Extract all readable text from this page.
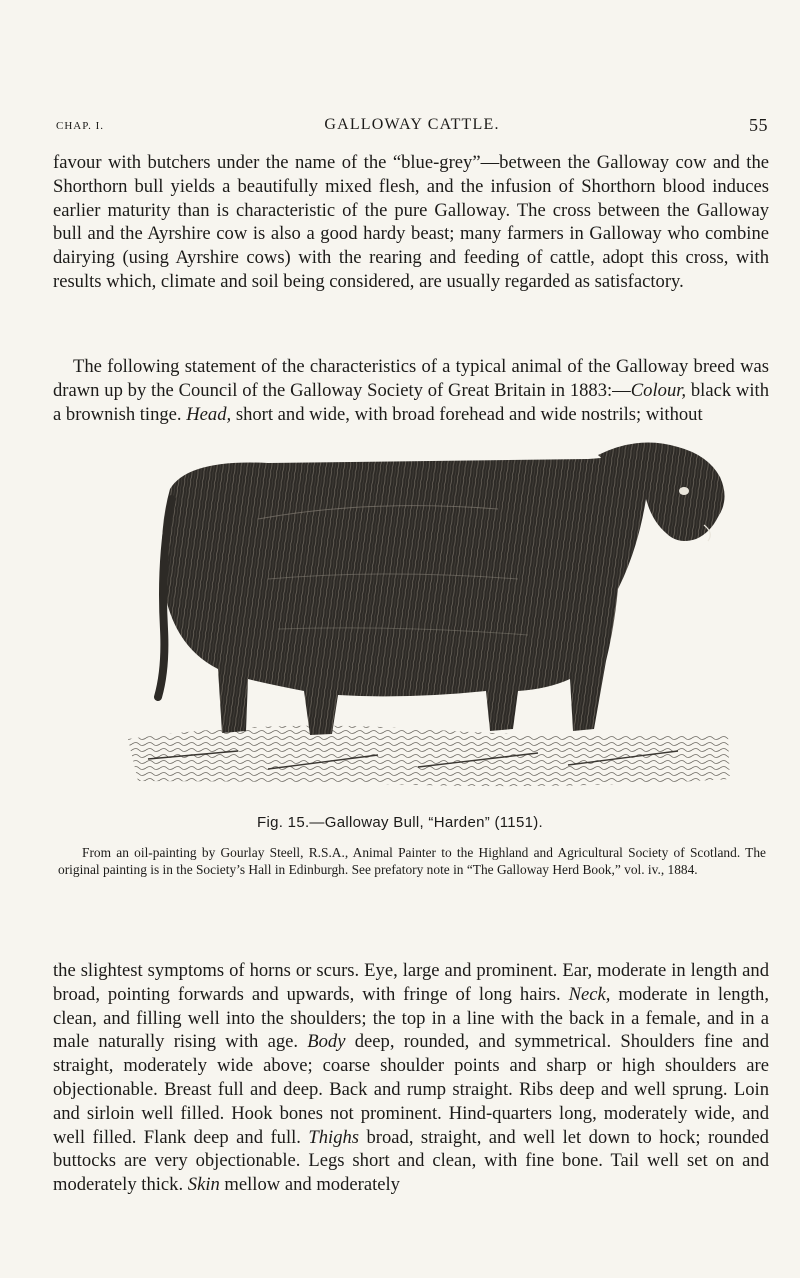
CHAP. I.	GALLOWAY CATTLE.	55
favour with butchers under the name of the “blue-grey”—between the Galloway cow and the Shorthorn bull yields a beautifully mixed flesh, and the infusion of Shorthorn blood induces earlier maturity than is characteristic of the pure Galloway. The cross between the Galloway bull and the Ayrshire cow is also a good hardy beast; many farmers in Galloway who combine dairying (using Ayrshire cows) with the rearing and feeding of cattle, adopt this cross, with results which, climate and soil being considered, are usually regarded as satisfactory.
The following statement of the characteristics of a typical animal of the Galloway breed was drawn up by the Council of the Galloway Society of Great Britain in 1883:—Colour, black with a brownish tinge. Head, short and wide, with broad forehead and wide nostrils; without
Fig. 15.—Galloway Bull, “Harden” (1151).
From an oil-painting by Gourlay Steell, R.S.A., Animal Painter to the Highland and Agricultural Society of Scotland. The original painting is in the Society’s Hall in Edinburgh. See prefatory note in “The Galloway Herd Book,” vol. iv., 1884.
the slightest symptoms of horns or scurs. Eye, large and prominent. Ear, moderate in length and broad, pointing forwards and upwards, with fringe of long hairs. Neck, moderate in length, clean, and filling well into the shoulders; the top in a line with the back in a female, and in a male naturally rising with age. Body deep, rounded, and symmetrical. Shoulders fine and straight, moderately wide above; coarse shoulder points and sharp or high shoulders are objectionable. Breast full and deep. Back and rump straight. Ribs deep and well sprung. Loin and sirloin well filled. Hook bones not prominent. Hind-quarters long, moderately wide, and well filled. Flank deep and full. Thighs broad, straight, and well let down to hock; rounded buttocks are very objectionable. Legs short and clean, with fine bone. Tail well set on and moderately thick. Skin mellow and moderately
